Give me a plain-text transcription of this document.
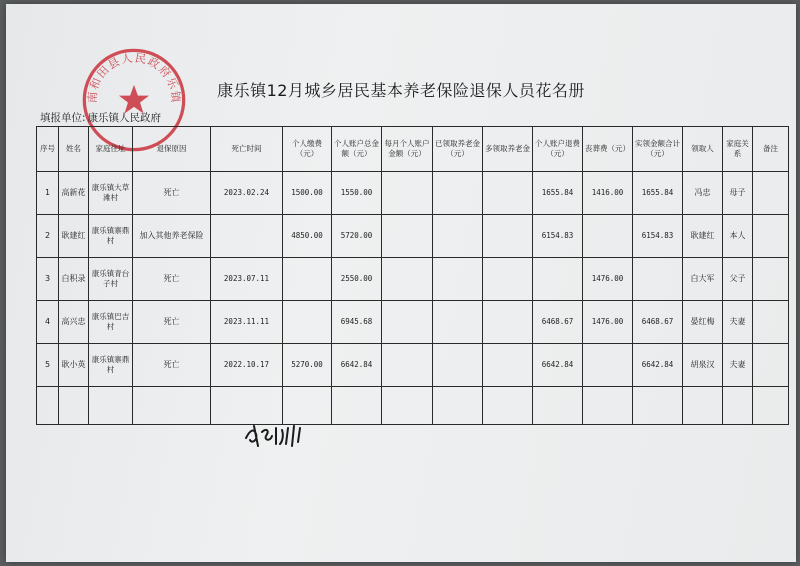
南和田县人民政府乐镇	康乐镇12月城乡居民基本养老保险退保人员花名册
填报单位: 康乐镇人民政府
序号	姓名	家庭住址	退保原因	死亡时间	个人缴费（元）	个人账户总金额（元）	每月个人账户金额（元）	已领取养老金（元）	多领取养老金	个人账户退费（元）	丧葬费（元）	实领金额合计（元）	领取人	家庭关系	备注
1	高新花	康乐镇大草滩村	死亡	2023.02.24	1500.00	1550.00				1655.84	1416.00	1655.84	冯忠	母子	
2	耿建红	康乐镇寨鼎村	加入其他养老保险		4850.00	5720.00				6154.83		6154.83	耿建红	本人	
3	白积录	康乐镇青台子村	死亡	2023.07.11		2550.00					1476.00		白大军	父子	
4	高兴忠	康乐镇巴吉村	死亡	2023.11.11		6945.68				6468.67	1476.00	6468.67	晏红梅	夫妻	
5	耿小英	康乐镇寨鼎村	死亡	2022.10.17	5270.00	6642.84				6642.84		6642.84	胡泉汉	夫妻	
